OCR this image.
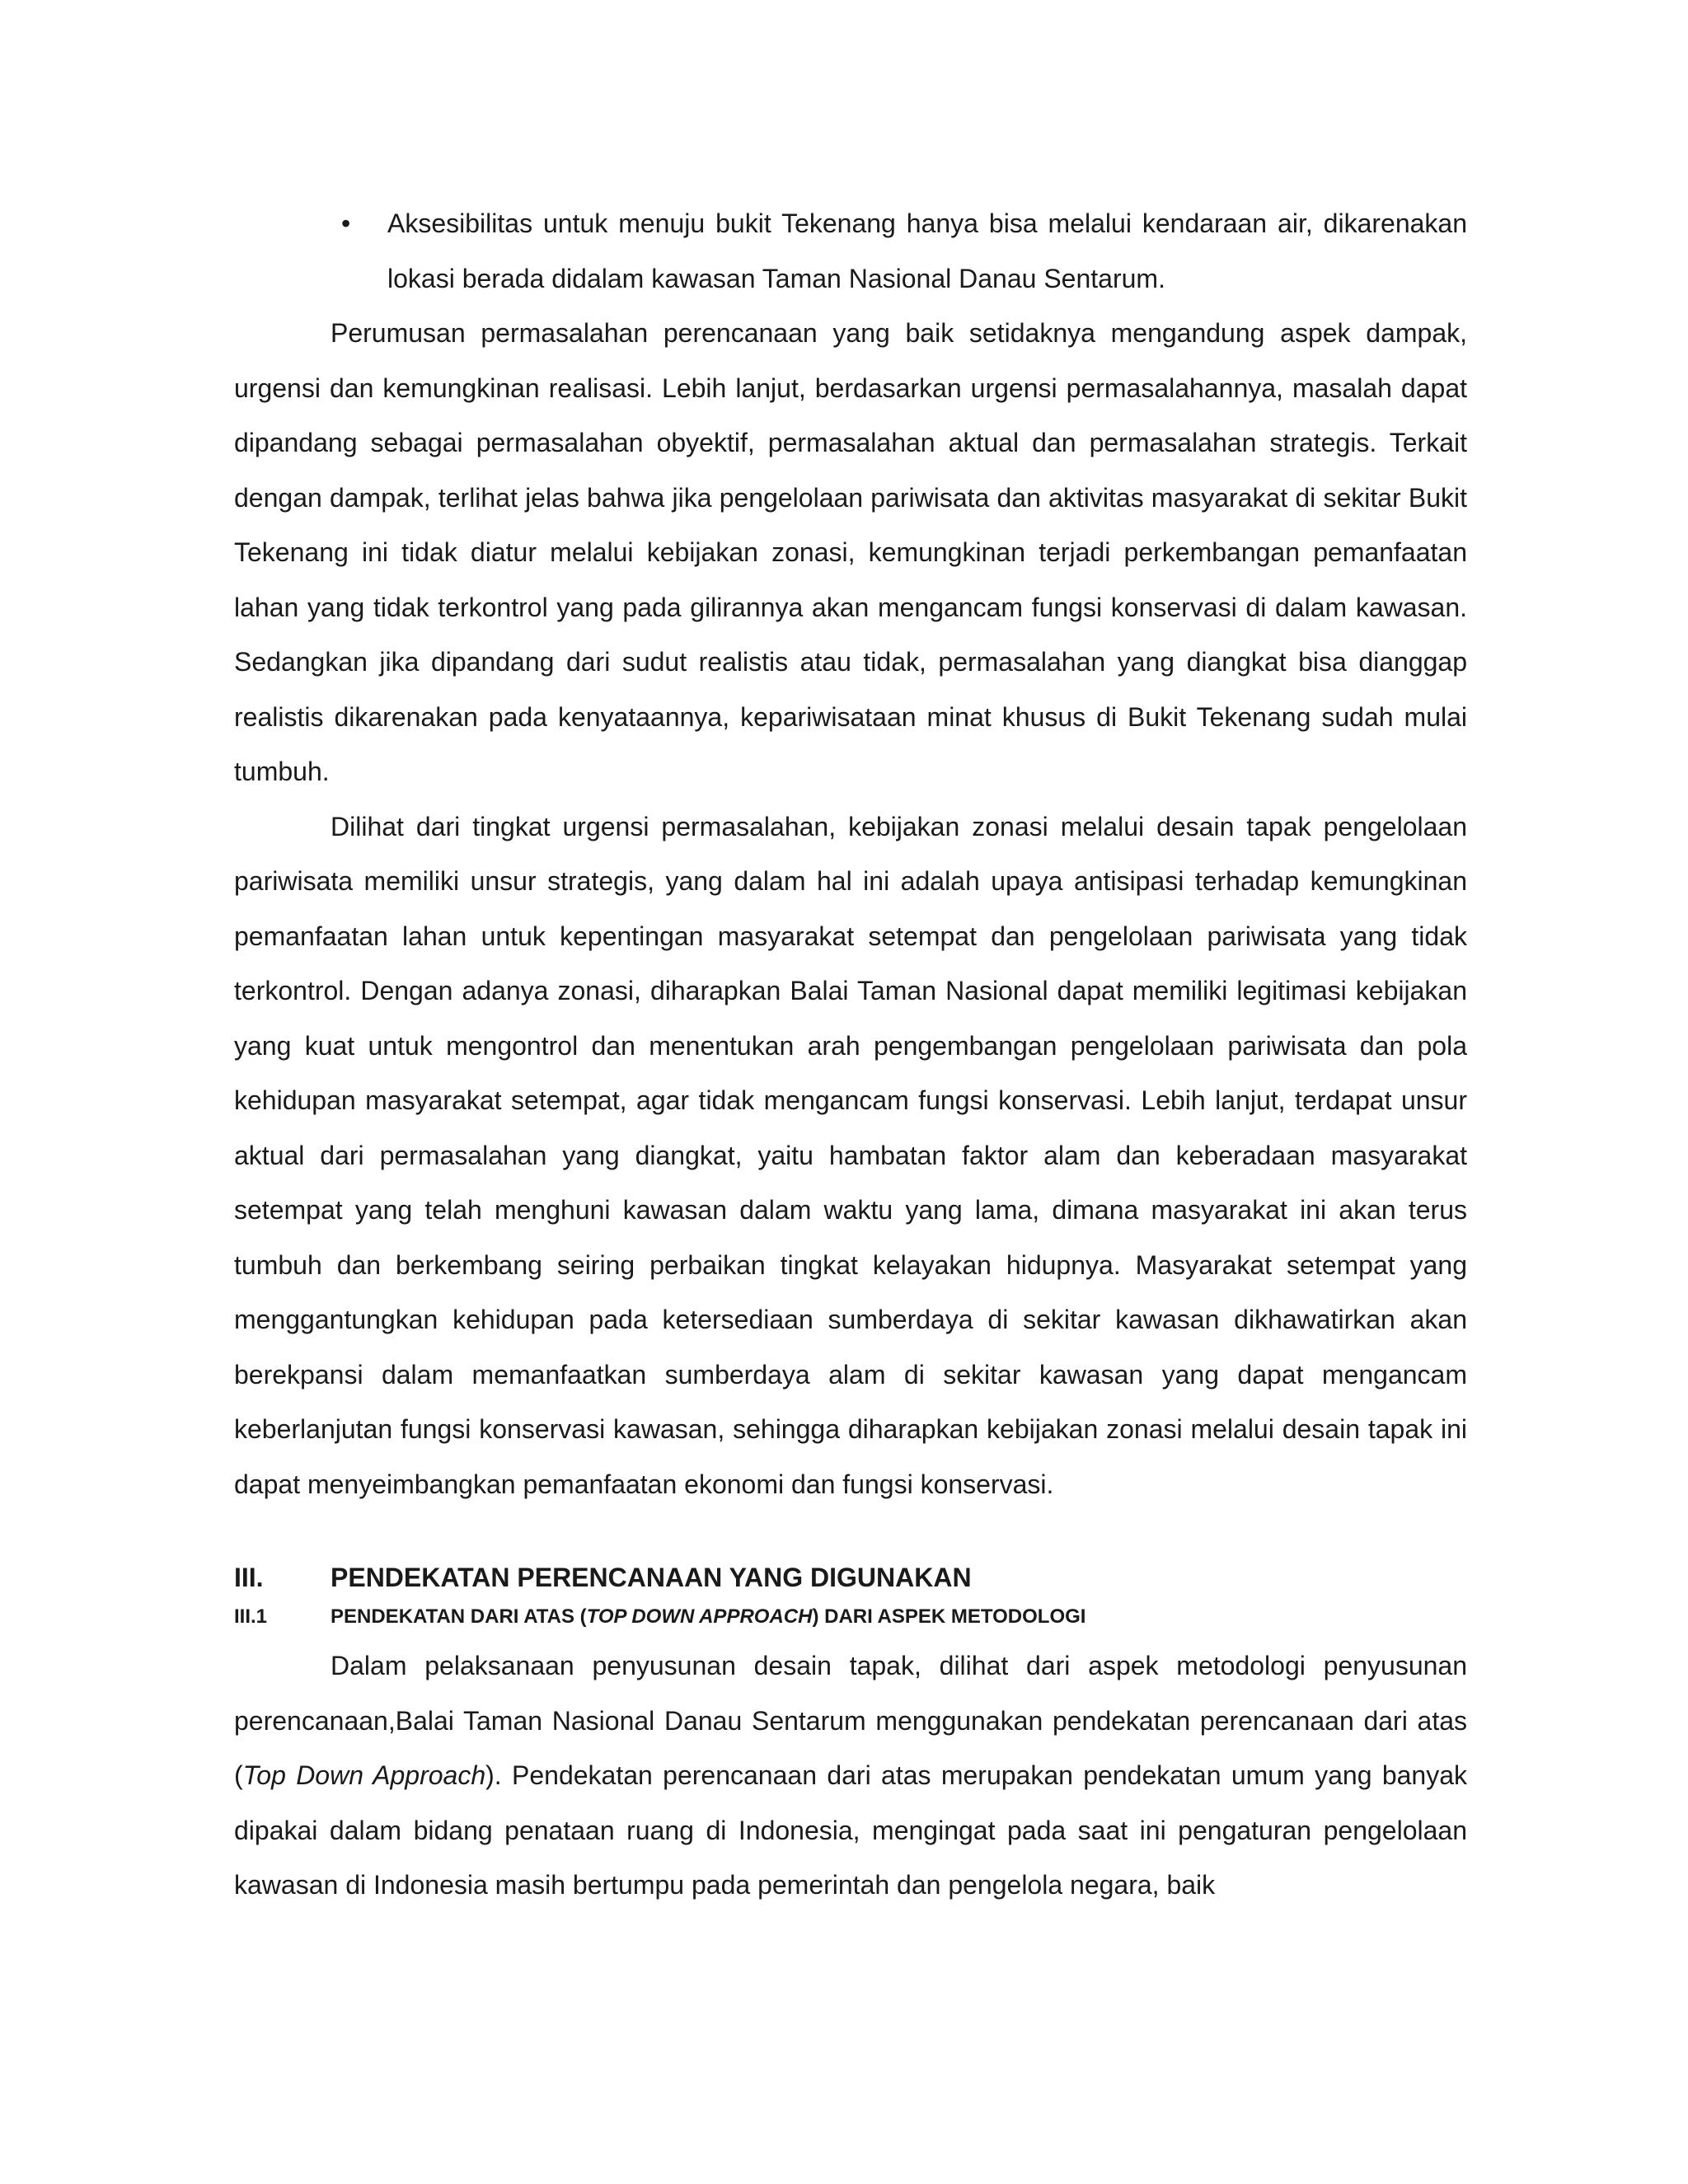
• Aksesibilitas untuk menuju bukit Tekenang hanya bisa melalui kendaraan air, dikarenakan lokasi berada didalam kawasan Taman Nasional Danau Sentarum.

Perumusan permasalahan perencanaan yang baik setidaknya mengandung aspek dampak, urgensi dan kemungkinan realisasi. Lebih lanjut, berdasarkan urgensi permasalahannya, masalah dapat dipandang sebagai permasalahan obyektif, permasalahan aktual dan permasalahan strategis. Terkait dengan dampak, terlihat jelas bahwa jika pengelolaan pariwisata dan aktivitas masyarakat di sekitar Bukit Tekenang ini tidak diatur melalui kebijakan zonasi, kemungkinan terjadi perkembangan pemanfaatan lahan yang tidak terkontrol yang pada gilirannya akan mengancam fungsi konservasi di dalam kawasan. Sedangkan jika dipandang dari sudut realistis atau tidak, permasalahan yang diangkat bisa dianggap realistis dikarenakan pada kenyataannya, kepariwisataan minat khusus di Bukit Tekenang sudah mulai tumbuh.

Dilihat dari tingkat urgensi permasalahan, kebijakan zonasi melalui desain tapak pengelolaan pariwisata memiliki unsur strategis, yang dalam hal ini adalah upaya antisipasi terhadap kemungkinan pemanfaatan lahan untuk kepentingan masyarakat setempat dan pengelolaan pariwisata yang tidak terkontrol. Dengan adanya zonasi, diharapkan Balai Taman Nasional dapat memiliki legitimasi kebijakan yang kuat untuk mengontrol dan menentukan arah pengembangan pengelolaan pariwisata dan pola kehidupan masyarakat setempat, agar tidak mengancam fungsi konservasi. Lebih lanjut, terdapat unsur aktual dari permasalahan yang diangkat, yaitu hambatan faktor alam dan keberadaan masyarakat setempat yang telah menghuni kawasan dalam waktu yang lama, dimana masyarakat ini akan terus tumbuh dan berkembang seiring perbaikan tingkat kelayakan hidupnya. Masyarakat setempat yang menggantungkan kehidupan pada ketersediaan sumberdaya di sekitar kawasan dikhawatirkan akan berekpansi dalam memanfaatkan sumberdaya alam di sekitar kawasan yang dapat mengancam keberlanjutan fungsi konservasi kawasan, sehingga diharapkan kebijakan zonasi melalui desain tapak ini dapat menyeimbangkan pemanfaatan ekonomi dan fungsi konservasi.

III.	PENDEKATAN PERENCANAAN YANG DIGUNAKAN
III.1	PENDEKATAN DARI ATAS (TOP DOWN APPROACH) DARI ASPEK METODOLOGI

Dalam pelaksanaan penyusunan desain tapak, dilihat dari aspek metodologi penyusunan perencanaan,Balai Taman Nasional Danau Sentarum menggunakan pendekatan perencanaan dari atas (Top Down Approach). Pendekatan perencanaan dari atas merupakan pendekatan umum yang banyak dipakai dalam bidang penataan ruang di Indonesia, mengingat pada saat ini pengaturan pengelolaan kawasan di Indonesia masih bertumpu pada pemerintah dan pengelola negara, baik
